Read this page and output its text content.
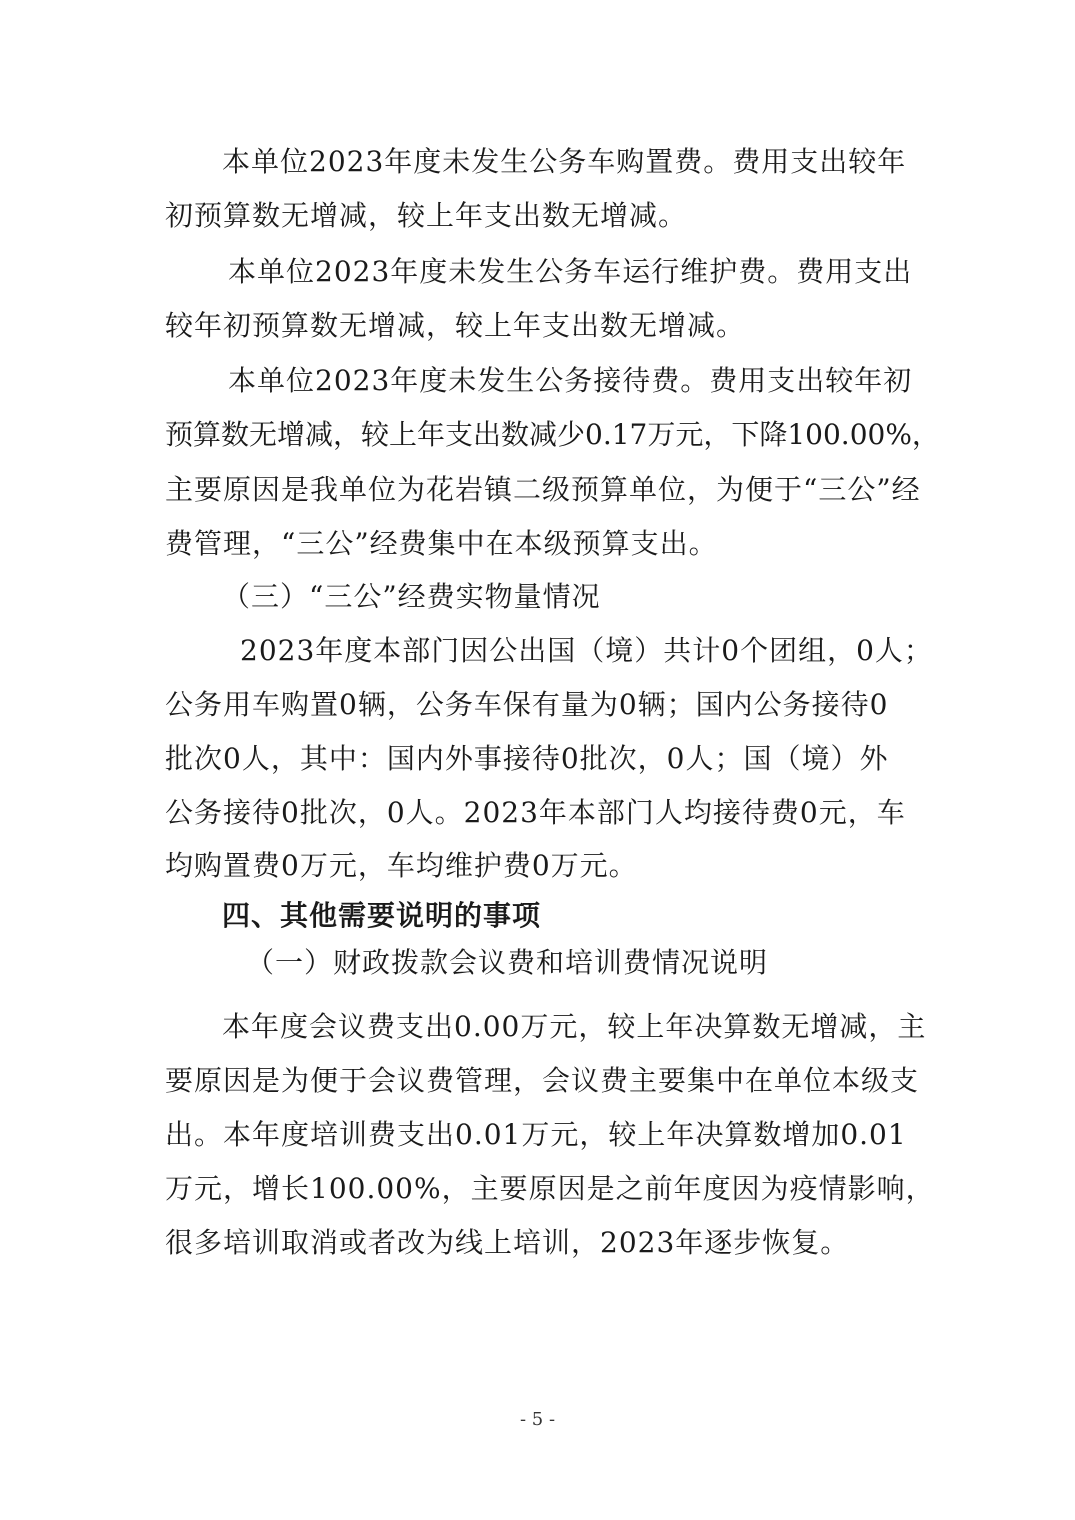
本单位2023年度未发生公务车购置费。费用支出较年
初预算数无增减，较上年支出数无增减。
本单位2023年度未发生公务车运行维护费。费用支出
较年初预算数无增减，较上年支出数无增减。
本单位2023年度未发生公务接待费。费用支出较年初
预算数无增减，较上年支出数减少0.17万元，下降100.00%，
主要原因是我单位为花岩镇二级预算单位，为便于“三公”经
费管理，“三公”经费集中在本级预算支出。
（三）“三公”经费实物量情况
2023年度本部门因公出国（境）共计0个团组，0人；
公务用车购置0辆，公务车保有量为0辆；国内公务接待0
批次0人，其中：国内外事接待0批次，0人；国（境）外
公务接待0批次，0人。2023年本部门人均接待费0元，车
均购置费0万元，车均维护费0万元。
四、其他需要说明的事项
（一）财政拨款会议费和培训费情况说明
本年度会议费支出0.00万元，较上年决算数无增减，主
要原因是为便于会议费管理，会议费主要集中在单位本级支
出。本年度培训费支出0.01万元，较上年决算数增加0.01
万元，增长100.00%，主要原因是之前年度因为疫情影响，
很多培训取消或者改为线上培训，2023年逐步恢复。
- 5 -
